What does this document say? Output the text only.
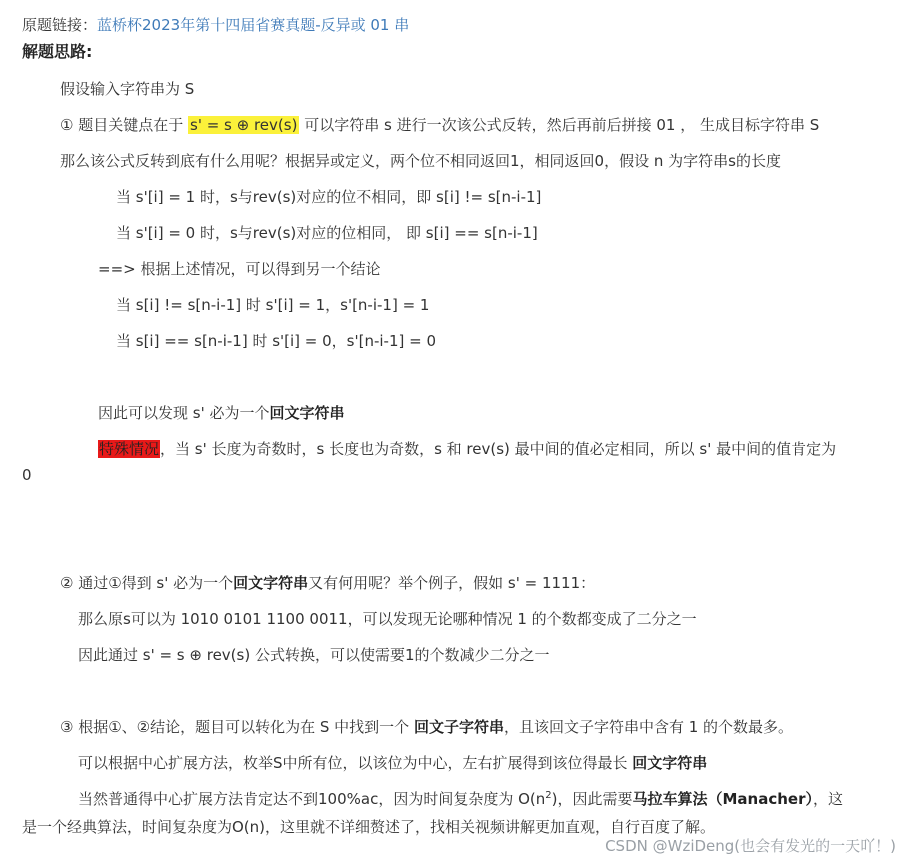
原题链接：蓝桥杯2023年第十四届省赛真题-反异或 01 串
解题思路:
假设输入字符串为 S
① 题目关键点在于 s' = s ⊕ rev(s) 可以字符串 s 进行一次该公式反转，然后再前后拼接 01 ， 生成目标字符串 S
那么该公式反转到底有什么用呢？根据异或定义，两个位不相同返回1，相同返回0，假设 n 为字符串s的长度
当 s'[i] = 1 时，s与rev(s)对应的位不相同，即 s[i] != s[n-i-1]
当 s'[i] = 0 时，s与rev(s)对应的位相同， 即 s[i] == s[n-i-1]
==> 根据上述情况，可以得到另一个结论
当 s[i] != s[n-i-1] 时 s'[i] = 1，s'[n-i-1] = 1
当 s[i] == s[n-i-1] 时 s'[i] = 0，s'[n-i-1] = 0
因此可以发现 s' 必为一个回文字符串
特殊情况，当 s' 长度为奇数时，s 长度也为奇数，s 和 rev(s) 最中间的值必定相同，所以 s' 最中间的值肯定为
0
② 通过①得到 s' 必为一个回文字符串又有何用呢？举个例子，假如 s' = 1111：
那么原s可以为 1010 0101 1100 0011，可以发现无论哪种情况 1 的个数都变成了二分之一
因此通过 s' = s ⊕ rev(s) 公式转换，可以使需要1的个数减少二分之一
③ 根据①、②结论，题目可以转化为在 S 中找到一个 回文子字符串，且该回文子字符串中含有 1 的个数最多。
可以根据中心扩展方法，枚举S中所有位，以该位为中心，左右扩展得到该位得最长 回文字符串
当然普通得中心扩展方法肯定达不到100%ac，因为时间复杂度为 $O(n^2)$，因此需要马拉车算法（Manacher），这
是一个经典算法，时间复杂度为O(n)，这里就不详细赘述了，找相关视频讲解更加直观，自行百度了解。
CSDN @WziDeng(也会有发光的一天吖！)
